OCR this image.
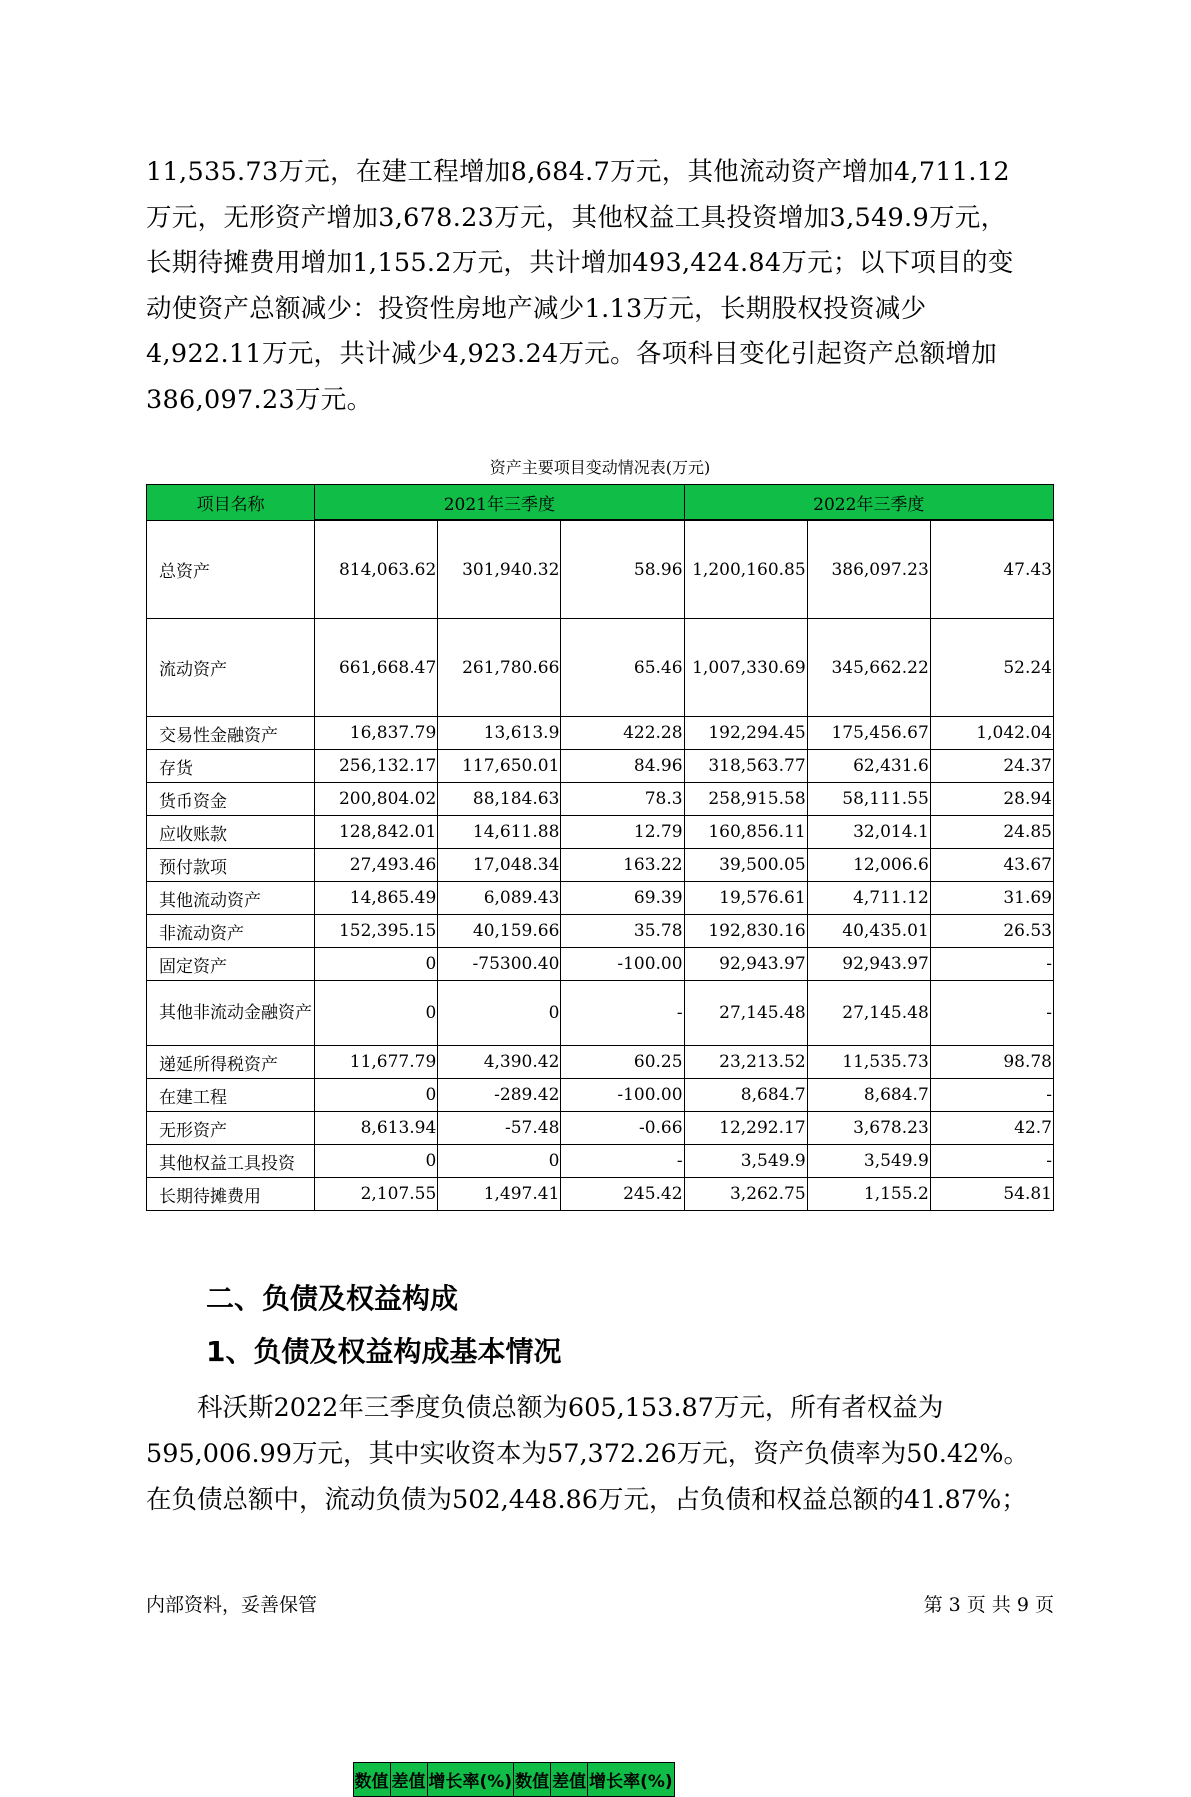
11,535.73万元，在建工程增加8,684.7万元，其他流动资产增加4,711.12

万元，无形资产增加3,678.23万元，其他权益工具投资增加3,549.9万元，

长期待摊费用增加1,155.2万元，共计增加493,424.84万元；以下项目的变

动使资产总额减少：投资性房地产减少1.13万元，长期股权投资减少

4,922.11万元，共计减少4,923.24万元。各项科目变化引起资产总额增加

386,097.23万元。

资产主要项目变动情况表(万元)
项目名称	2021年三季度	2022年三季度

数值	差值	增长率(%)	数值	差值	增长率(%)
总资产	814,063.62	301,940.32	58.96	1,200,160.85	386,097.23	47.43
流动资产	661,668.47	261,780.66	65.46	1,007,330.69	345,662.22	52.24
交易性金融资产	16,837.79	13,613.9	422.28	192,294.45	175,456.67	1,042.04
存货	256,132.17	117,650.01	84.96	318,563.77	62,431.6	24.37
货币资金	200,804.02	88,184.63	78.3	258,915.58	58,111.55	28.94
应收账款	128,842.01	14,611.88	12.79	160,856.11	32,014.1	24.85
预付款项	27,493.46	17,048.34	163.22	39,500.05	12,006.6	43.67
其他流动资产	14,865.49	6,089.43	69.39	19,576.61	4,711.12	31.69
非流动资产	152,395.15	40,159.66	35.78	192,830.16	40,435.01	26.53
固定资产	0	-75300.40	-100.00	92,943.97	92,943.97	-
其他非流动金融资产	0	0	-	27,145.48	27,145.48	-
递延所得税资产	11,677.79	4,390.42	60.25	23,213.52	11,535.73	98.78
在建工程	0	-289.42	-100.00	8,684.7	8,684.7	-
无形资产	8,613.94	-57.48	-0.66	12,292.17	3,678.23	42.7
其他权益工具投资	0	0	-	3,549.9	3,549.9	-
长期待摊费用	2,107.55	1,497.41	245.42	3,262.75	1,155.2	54.81
二、负债及权益构成
1、负债及权益构成基本情况

　　科沃斯2022年三季度负债总额为605,153.87万元，所有者权益为

595,006.99万元，其中实收资本为57,372.26万元，资产负债率为50.42%。

在负债总额中，流动负债为502,448.86万元，占负债和权益总额的41.87%；

内部资料，妥善保管	第 3 页 共 9 页
